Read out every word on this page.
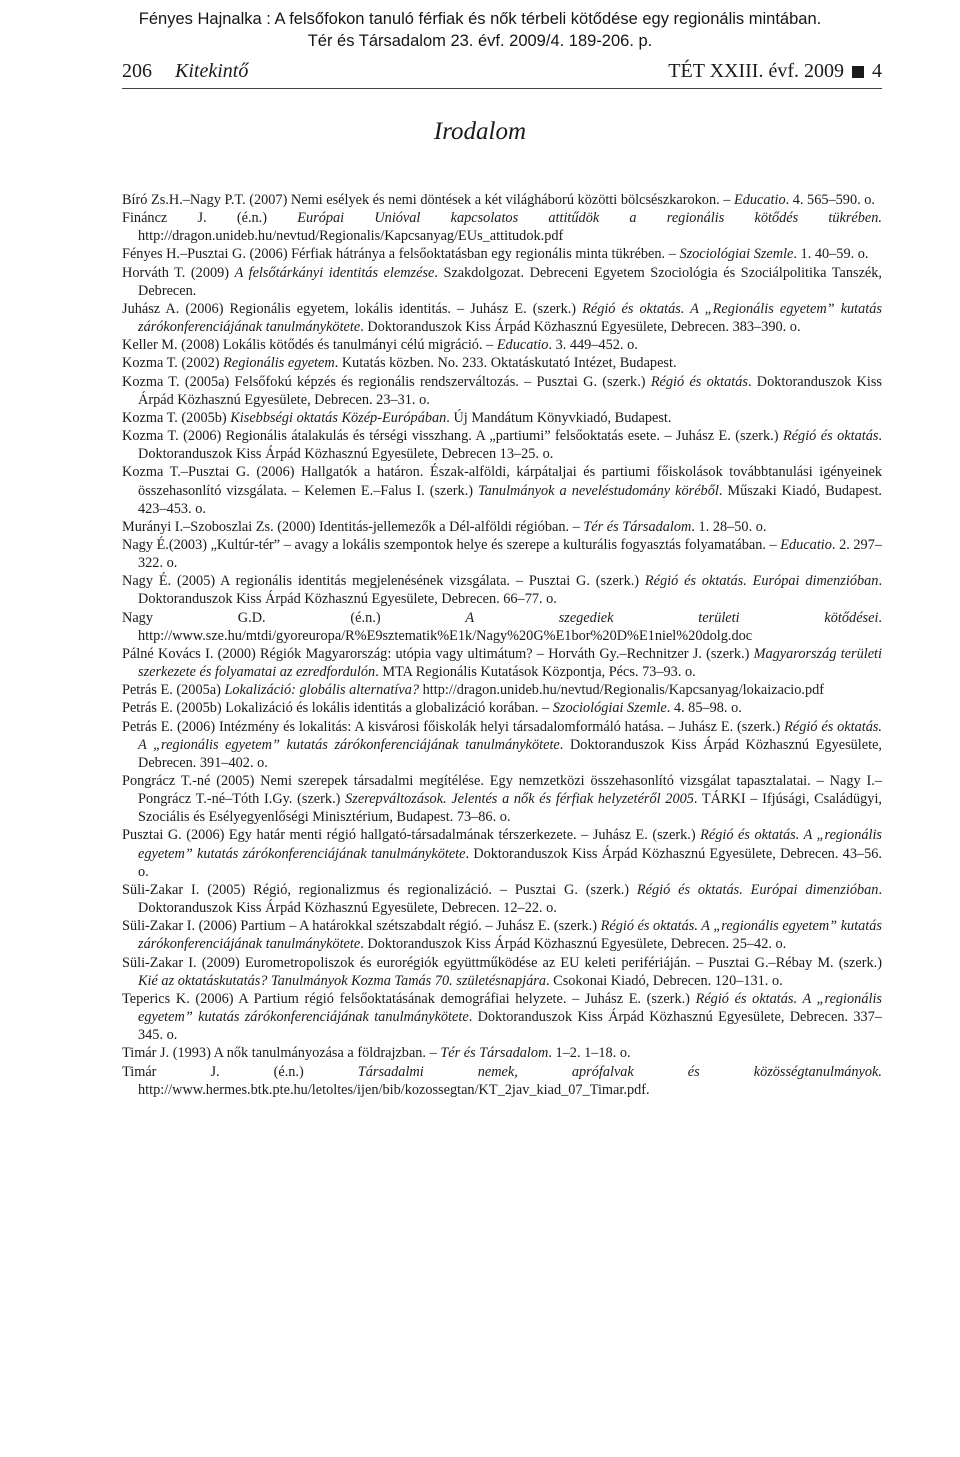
Fényes Hajnalka : A felsőfokon tanuló férfiak és nők térbeli kötődése egy regionális mintában.
Tér és Társadalom 23. évf. 2009/4. 189-206. p.
206 Kitekintő	TÉT XXIII. évf. 2009 4
Irodalom

Bíró Zs.H.–Nagy P.T. (2007) Nemi esélyek és nemi döntések a két világháború közötti bölcsészkarokon. – Educatio. 4. 565–590. o.

Fináncz J. (é.n.) Európai Unióval kapcsolatos attitűdök a regionális kötődés tükrében. http://dragon.unideb.hu/nevtud/Regionalis/Kapcsanyag/EUs_attitudok.pdf

Fényes H.–Pusztai G. (2006) Férfiak hátránya a felsőoktatásban egy regionális minta tükrében. – Szociológiai Szemle. 1. 40–59. o.

Horváth T. (2009) A felsőtárkányi identitás elemzése. Szakdolgozat. Debreceni Egyetem Szociológia és Szociálpolitika Tanszék, Debrecen.

Juhász A. (2006) Regionális egyetem, lokális identitás. – Juhász E. (szerk.) Régió és oktatás. A „Regionális egyetem” kutatás zárókonferenciájának tanulmánykötete. Doktoranduszok Kiss Árpád Közhasznú Egyesülete, Debrecen. 383–390. o.

Keller M. (2008) Lokális kötődés és tanulmányi célú migráció. – Educatio. 3. 449–452. o.

Kozma T. (2002) Regionális egyetem. Kutatás közben. No. 233. Oktatáskutató Intézet, Budapest.

Kozma T. (2005a) Felsőfokú képzés és regionális rendszerváltozás. – Pusztai G. (szerk.) Régió és oktatás. Doktoranduszok Kiss Árpád Közhasznú Egyesülete, Debrecen. 23–31. o.

Kozma T. (2005b) Kisebbségi oktatás Közép-Európában. Új Mandátum Könyvkiadó, Budapest.

Kozma T. (2006) Regionális átalakulás és térségi visszhang. A „partiumi” felsőoktatás esete. – Juhász E. (szerk.) Régió és oktatás. Doktoranduszok Kiss Árpád Közhasznú Egyesülete, Debrecen 13–25. o.

Kozma T.–Pusztai G. (2006) Hallgatók a határon. Észak-alföldi, kárpátaljai és partiumi főiskolások továbbtanulási igényeinek összehasonlító vizsgálata. – Kelemen E.–Falus I. (szerk.) Tanulmányok a neveléstudomány köréből. Műszaki Kiadó, Budapest. 423–453. o.

Murányi I.–Szoboszlai Zs. (2000) Identitás-jellemezők a Dél-alföldi régióban. – Tér és Társadalom. 1. 28–50. o.

Nagy É.(2003) „Kultúr-tér” – avagy a lokális szempontok helye és szerepe a kulturális fogyasztás folyamatában. – Educatio. 2. 297–322. o.

Nagy É. (2005) A regionális identitás megjelenésének vizsgálata. – Pusztai G. (szerk.) Régió és oktatás. Európai dimenzióban. Doktoranduszok Kiss Árpád Közhasznú Egyesülete, Debrecen. 66–77. o.

Nagy G.D. (é.n.) A szegediek területi kötődései. http://www.sze.hu/mtdi/gyoreuropa/R%E9sztematik%E1k/Nagy%20G%E1bor%20D%E1niel%20dolg.doc

Pálné Kovács I. (2000) Régiók Magyarország: utópia vagy ultimátum? – Horváth Gy.–Rechnitzer J. (szerk.) Magyarország területi szerkezete és folyamatai az ezredfordulón. MTA Regionális Kutatások Központja, Pécs. 73–93. o.

Petrás E. (2005a) Lokalizáció: globális alternatíva? http://dragon.unideb.hu/nevtud/Regionalis/Kapcsanyag/lokaizacio.pdf

Petrás E. (2005b) Lokalizáció és lokális identitás a globalizáció korában. – Szociológiai Szemle. 4. 85–98. o.

Petrás E. (2006) Intézmény és lokalitás: A kisvárosi főiskolák helyi társadalomformáló hatása. – Juhász E. (szerk.) Régió és oktatás. A „regionális egyetem” kutatás zárókonferenciájának tanulmánykötete. Doktoranduszok Kiss Árpád Közhasznú Egyesülete, Debrecen. 391–402. o.

Pongrácz T.-né (2005) Nemi szerepek társadalmi megítélése. Egy nemzetközi összehasonlító vizsgálat tapasztalatai. – Nagy I.–Pongrácz T.-né–Tóth I.Gy. (szerk.) Szerepváltozások. Jelentés a nők és férfiak helyzetéről 2005. TÁRKI – Ifjúsági, Családügyi, Szociális és Esélyegyenlőségi Minisztérium, Budapest. 73–86. o.

Pusztai G. (2006) Egy határ menti régió hallgató-társadalmának térszerkezete. – Juhász E. (szerk.) Régió és oktatás. A „regionális egyetem” kutatás zárókonferenciájának tanulmánykötete. Doktoranduszok Kiss Árpád Közhasznú Egyesülete, Debrecen. 43–56. o.

Süli-Zakar I. (2005) Régió, regionalizmus és regionalizáció. – Pusztai G. (szerk.) Régió és oktatás. Európai dimenzióban. Doktoranduszok Kiss Árpád Közhasznú Egyesülete, Debrecen. 12–22. o.

Süli-Zakar I. (2006) Partium – A határokkal szétszabdalt régió. – Juhász E. (szerk.) Régió és oktatás. A „regionális egyetem” kutatás zárókonferenciájának tanulmánykötete. Doktoranduszok Kiss Árpád Közhasznú Egyesülete, Debrecen. 25–42. o.

Süli-Zakar I. (2009) Eurometropoliszok és eurorégiók együttműködése az EU keleti perifériáján. – Pusztai G.–Rébay M. (szerk.) Kié az oktatáskutatás? Tanulmányok Kozma Tamás 70. születésnapjára. Csokonai Kiadó, Debrecen. 120–131. o.

Teperics K. (2006) A Partium régió felsőoktatásának demográfiai helyzete. – Juhász E. (szerk.) Régió és oktatás. A „regionális egyetem” kutatás zárókonferenciájának tanulmánykötete. Doktoranduszok Kiss Árpád Közhasznú Egyesülete, Debrecen. 337–345. o.

Timár J. (1993) A nők tanulmányozása a földrajzban. – Tér és Társadalom. 1–2. 1–18. o.

Timár J. (é.n.) Társadalmi nemek, aprófalvak és közösségtanulmányok. http://www.hermes.btk.pte.hu/letoltes/ijen/bib/kozossegtan/KT_2jav_kiad_07_Timar.pdf.
